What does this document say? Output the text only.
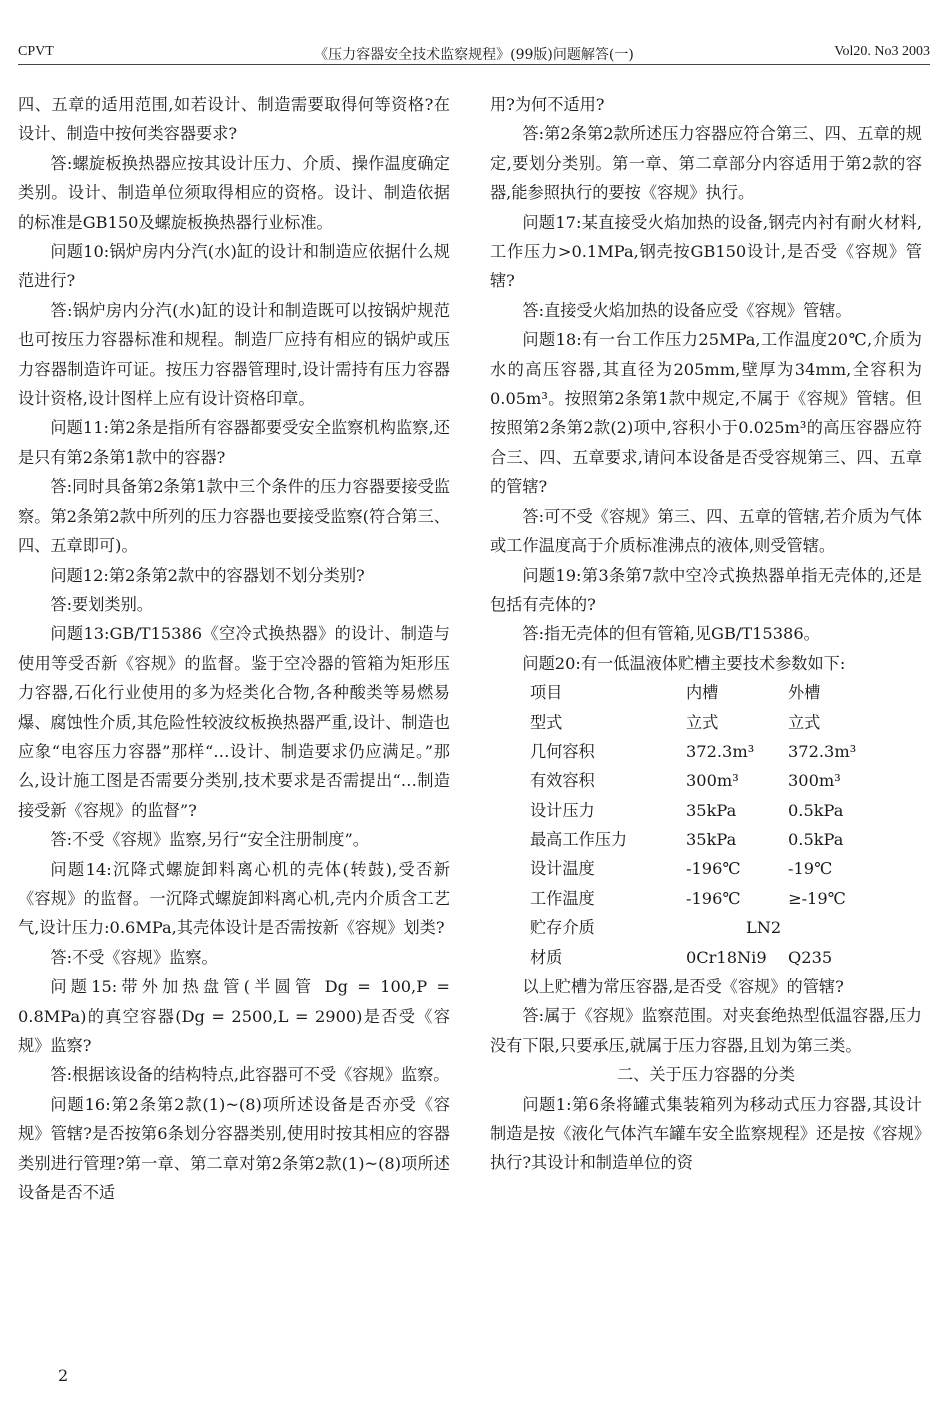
CPVT	《压力容器安全技术监察规程》(99版)问题解答(一)	Vol20. No3 2003

四、五章的适用范围,如若设计、制造需要取得何等资格?在设计、制造中按何类容器要求?

答:螺旋板换热器应按其设计压力、介质、操作温度确定类别。设计、制造单位须取得相应的资格。设计、制造依据的标准是GB150及螺旋板换热器行业标准。

问题10:锅炉房内分汽(水)缸的设计和制造应依据什么规范进行?

答:锅炉房内分汽(水)缸的设计和制造既可以按锅炉规范也可按压力容器标准和规程。制造厂应持有相应的锅炉或压力容器制造许可证。按压力容器管理时,设计需持有压力容器设计资格,设计图样上应有设计资格印章。

问题11:第2条是指所有容器都要受安全监察机构监察,还是只有第2条第1款中的容器?

答:同时具备第2条第1款中三个条件的压力容器要接受监察。第2条第2款中所列的压力容器也要接受监察(符合第三、四、五章即可)。

问题12:第2条第2款中的容器划不划分类别?

答:要划类别。

问题13:GB/T15386《空冷式换热器》的设计、制造与使用等受否新《容规》的监督。鉴于空冷器的管箱为矩形压力容器,石化行业使用的多为烃类化合物,各种酸类等易燃易爆、腐蚀性介质,其危险性较波纹板换热器严重,设计、制造也应象“电容压力容器”那样“…设计、制造要求仍应满足。”那么,设计施工图是否需要分类别,技术要求是否需提出“…制造接受新《容规》的监督”?

答:不受《容规》监察,另行“安全注册制度”。

问题14:沉降式螺旋卸料离心机的壳体(转鼓),受否新《容规》的监督。一沉降式螺旋卸料离心机,壳内介质含工艺气,设计压力:0.6MPa,其壳体设计是否需按新《容规》划类?

答:不受《容规》监察。

问题15:带外加热盘管(半圆管 Dg = 100,P = 0.8MPa)的真空容器(Dg = 2500,L = 2900)是否受《容规》监察?

答:根据该设备的结构特点,此容器可不受《容规》监察。

问题16:第2条第2款(1)~(8)项所述设备是否亦受《容规》管辖?是否按第6条划分容器类别,使用时按其相应的容器类别进行管理?第一章、第二章对第2条第2款(1)~(8)项所述设备是否不适

用?为何不适用?

答:第2条第2款所述压力容器应符合第三、四、五章的规定,要划分类别。第一章、第二章部分内容适用于第2款的容器,能参照执行的要按《容规》执行。

问题17:某直接受火焰加热的设备,钢壳内衬有耐火材料,工作压力>0.1MPa,钢壳按GB150设计,是否受《容规》管辖?

答:直接受火焰加热的设备应受《容规》管辖。

问题18:有一台工作压力25MPa,工作温度20℃,介质为水的高压容器,其直径为205mm,壁厚为34mm,全容积为0.05m³。按照第2条第1款中规定,不属于《容规》管辖。但按照第2条第2款(2)项中,容积小于0.025m³的高压容器应符合三、四、五章要求,请问本设备是否受容规第三、四、五章的管辖?

答:可不受《容规》第三、四、五章的管辖,若介质为气体或工作温度高于介质标准沸点的液体,则受管辖。

问题19:第3条第7款中空冷式换热器单指无壳体的,还是包括有壳体的?

答:指无壳体的但有管箱,见GB/T15386。

问题20:有一低温液体贮槽主要技术参数如下:

项目	内槽	外槽
型式	立式	立式
几何容积	372.3m³ 372.3m³
有效容积	300m³	300m³
设计压力	35kPa	0.5kPa
最高工作压力	35kPa	0.5kPa
设计温度	-196℃	-19℃
工作温度	-196℃	≥-19℃
贮存介质	LN2
材质	0Cr18Ni9 Q235

以上贮槽为常压容器,是否受《容规》的管辖?

答:属于《容规》监察范围。对夹套绝热型低温容器,压力没有下限,只要承压,就属于压力容器,且划为第三类。

二、关于压力容器的分类

问题1:第6条将罐式集装箱列为移动式压力容器,其设计制造是按《液化气体汽车罐车安全监察规程》还是按《容规》执行?其设计和制造单位的资

2
